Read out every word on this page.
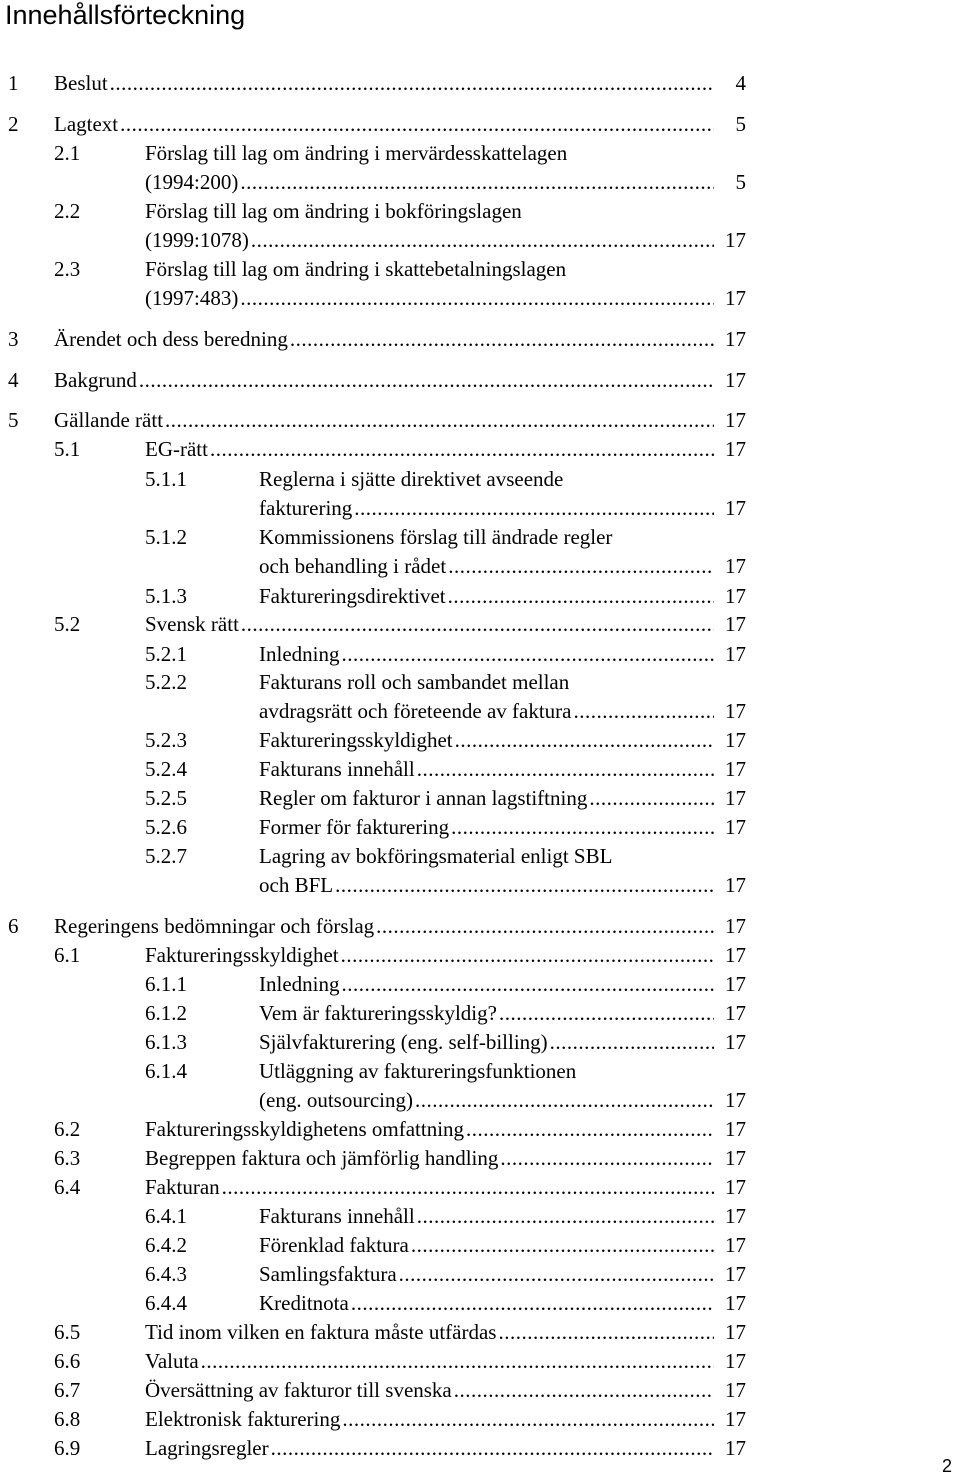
Innehållsförteckning
1 Beslut .....	4
2 Lagtext .....	5
2.1	Förslag till lag om ändring i mervärdesskattelagen
(1994:200) .....	5
2.2	Förslag till lag om ändring i bokföringslagen
(1999:1078) .....	17
2.3	Förslag till lag om ändring i skattebetalningslagen
(1997:483) .....	17
3 Ärendet och dess beredning .....	17
4 Bakgrund .....	17
5 Gällande rätt .....	17
5.1	EG-rätt .....	17
5.1.1	Reglerna i sjätte direktivet avseende
fakturering .....	17
5.1.2	Kommissionens förslag till ändrade regler
och behandling i rådet .....	17
5.1.3	Faktureringsdirektivet .....	17
5.2	Svensk rätt .....	17
5.2.1	Inledning .....	17
5.2.2	Fakturans roll och sambandet mellan
avdragsrätt och företeende av faktura .....	17
5.2.3	Faktureringsskyldighet .....	17
5.2.4	Fakturans innehåll .....	17
5.2.5	Regler om fakturor i annan lagstiftning .....	17
5.2.6	Former för fakturering .....	17
5.2.7	Lagring av bokföringsmaterial enligt SBL
och BFL .....	17
6 Regeringens bedömningar och förslag .....	17
6.1	Faktureringsskyldighet .....	17
6.1.1	Inledning .....	17
6.1.2	Vem är faktureringsskyldig? .....	17
6.1.3	Självfakturering (eng. self-billing) .....	17
6.1.4	Utläggning av faktureringsfunktionen
(eng. outsourcing) .....	17
6.2	Faktureringsskyldighetens omfattning .....	17
6.3	Begreppen faktura och jämförlig handling .....	17
6.4	Fakturan .....	17
6.4.1	Fakturans innehåll .....	17
6.4.2	Förenklad faktura .....	17
6.4.3	Samlingsfaktura .....	17
6.4.4	Kreditnota .....	17
6.5	Tid inom vilken en faktura måste utfärdas .....	17
6.6	Valuta .....	17
6.7	Översättning av fakturor till svenska .....	17
6.8	Elektronisk fakturering .....	17
6.9	Lagringsregler .....	17
2
